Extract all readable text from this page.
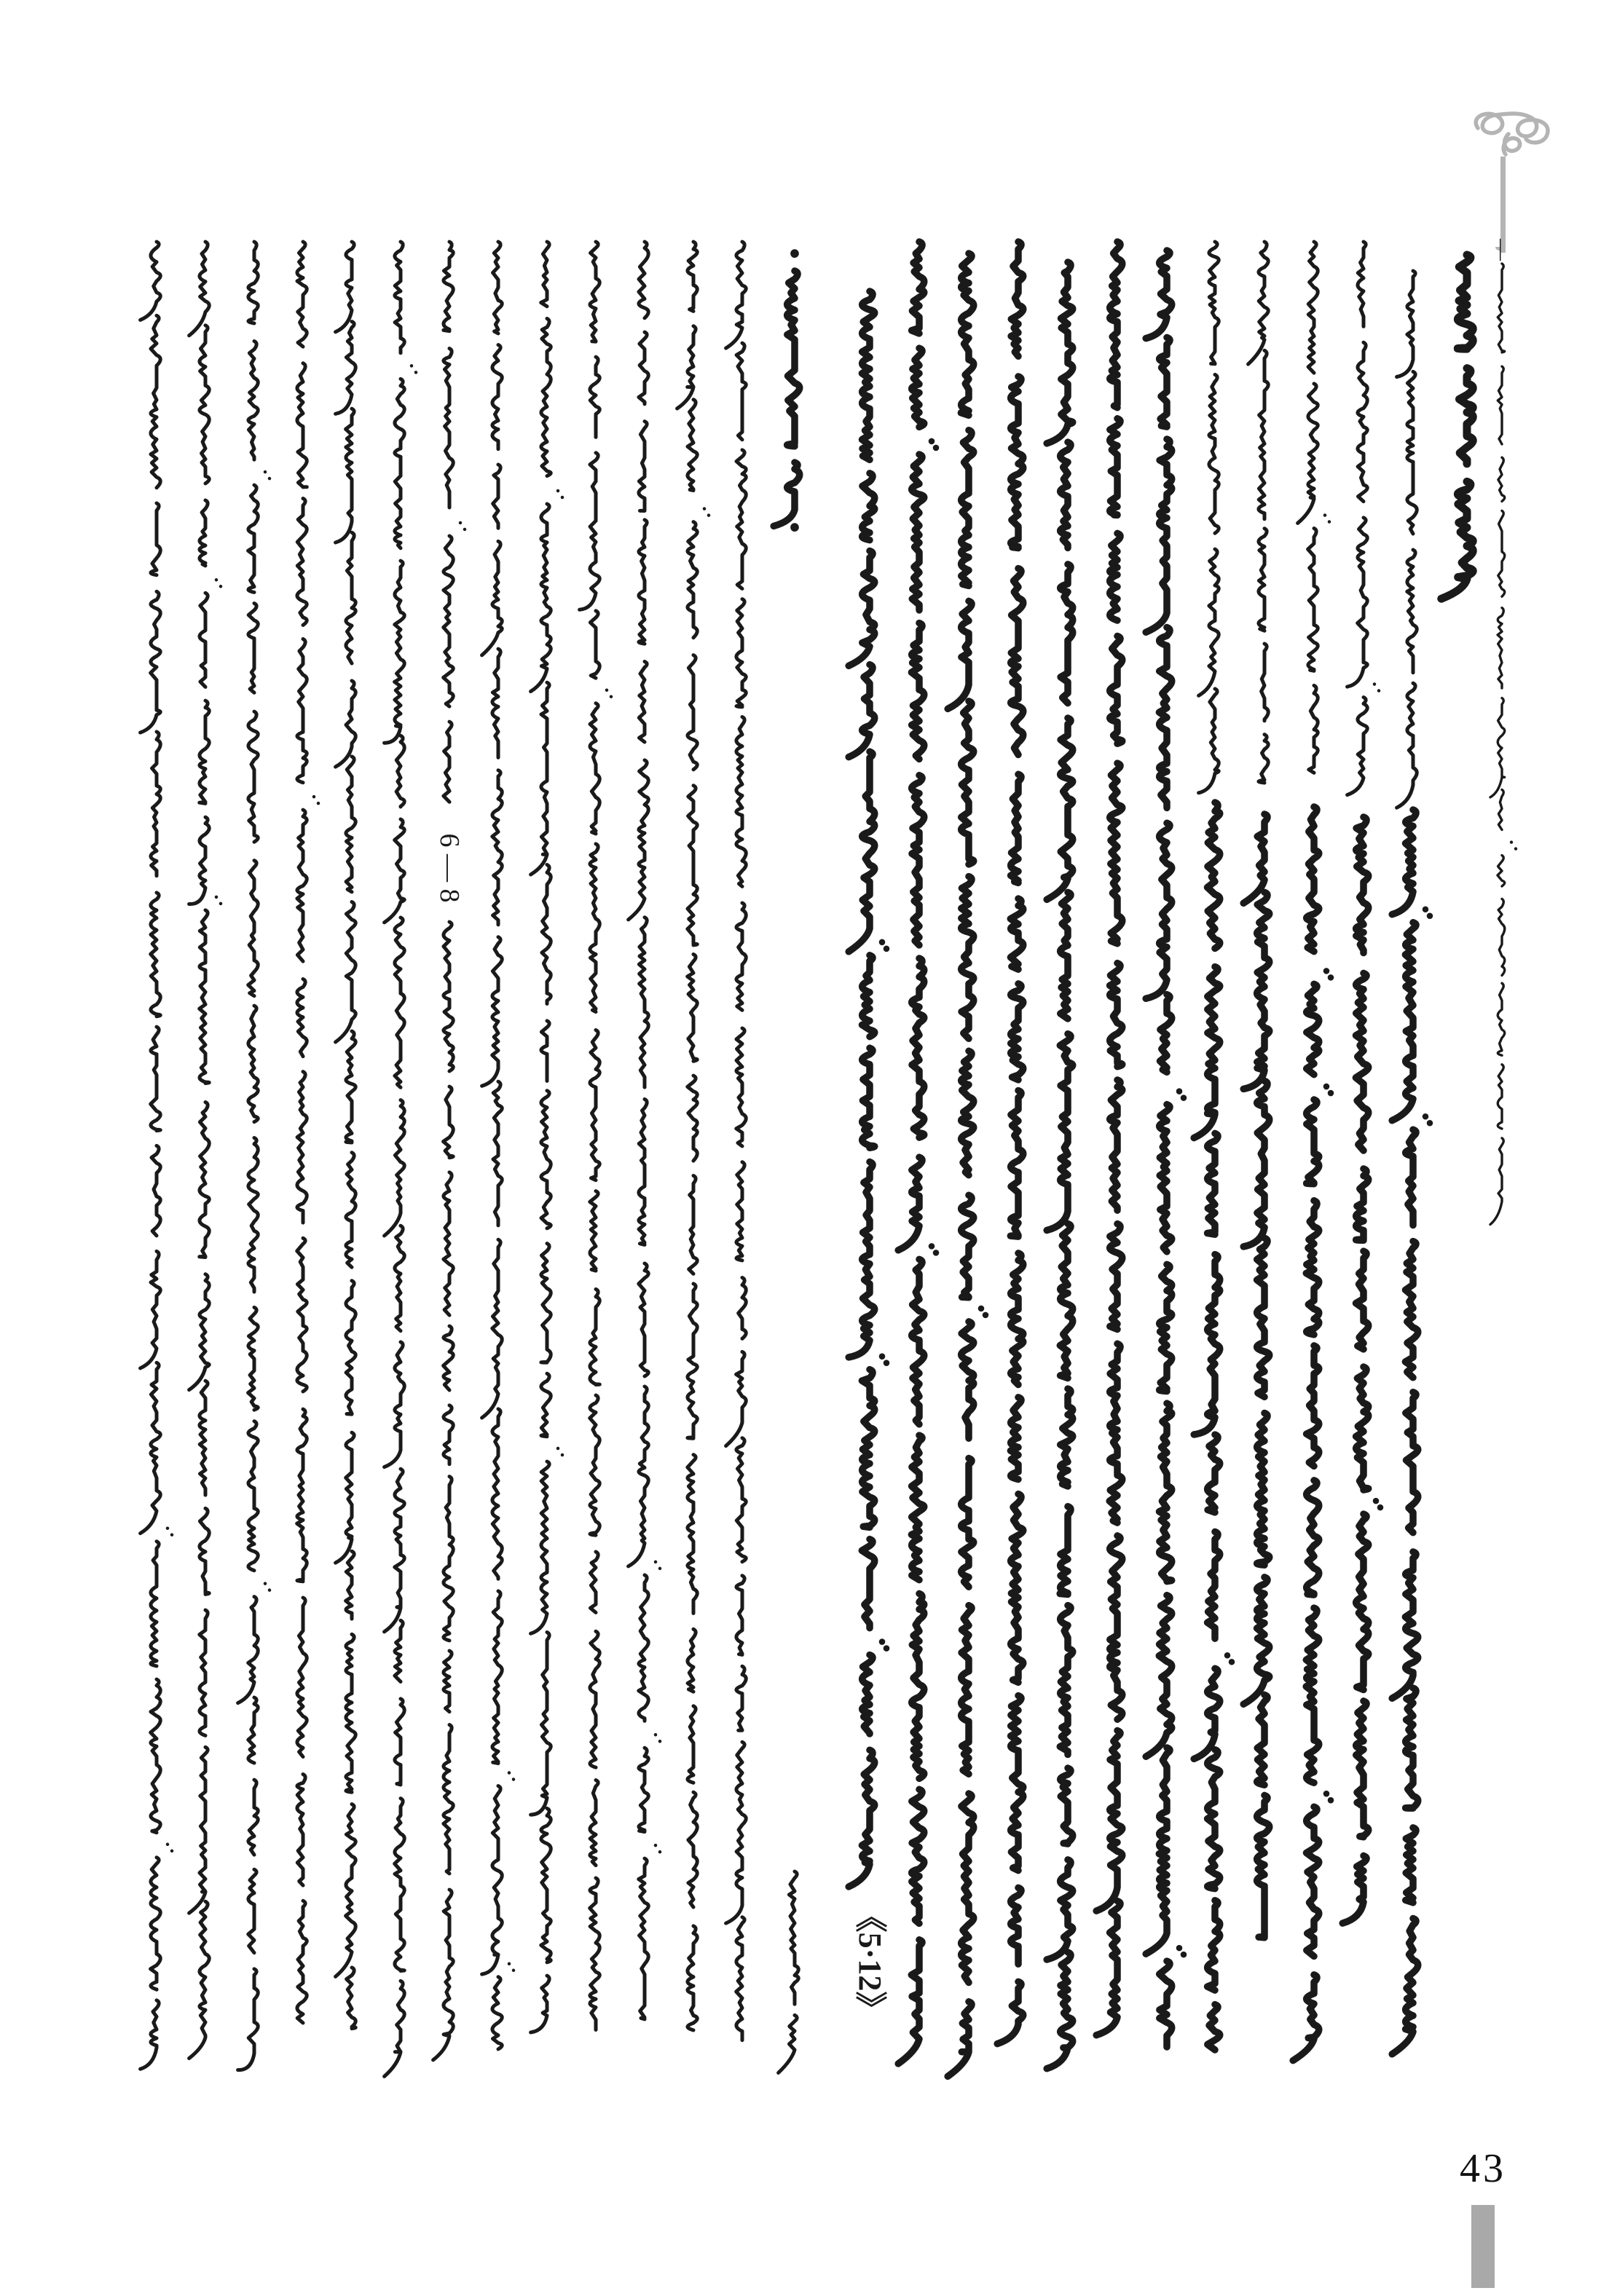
6 — 8
《5·12》
·
·
—
43
